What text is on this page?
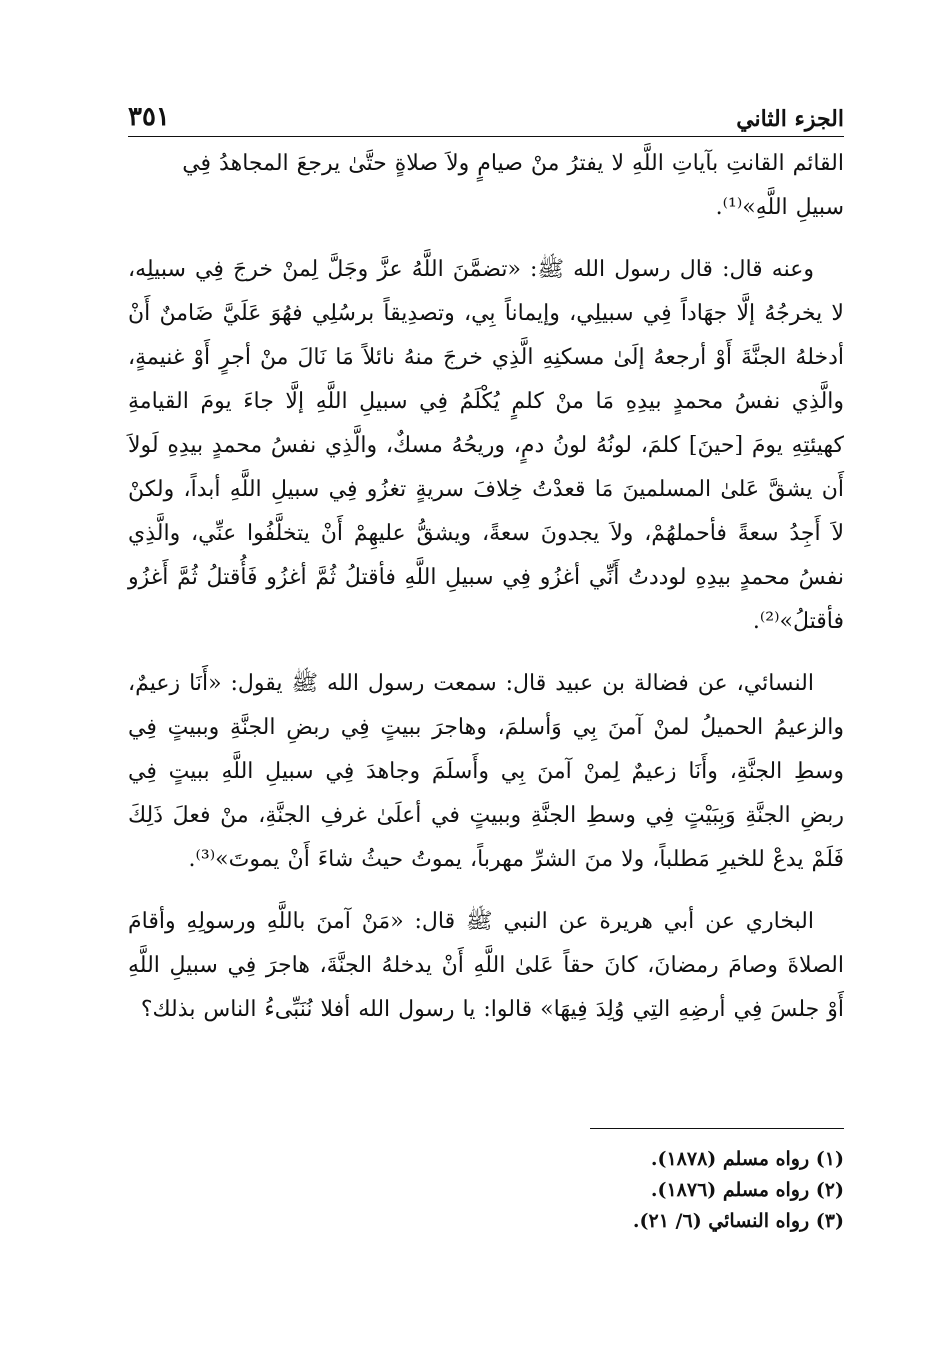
الجزء الثاني
٣٥١

القائم القانتِ بآياتِ اللَّهِ لا يفترُ منْ صيامٍ ولاَ صلاةٍ حتَّىٰ يرجعَ المجاهدُ فِي
سبيلِ اللَّهِ»⁽¹⁾.

وعنه قال: قال رسول الله ﷺ: «تضمَّنَ اللَّهُ عزَّ وجَلَّ لِمنْ خرجَ فِي سبيلِه، لا يخرجُهُ إلَّا جهَاداً فِي سبيلِي، وإيماناً بِي، وتصدِيقاً برسُلِي فهُوَ عَلَيَّ ضَامنٌ أَنْ أدخلهُ الجنَّةَ أَوْ أرجعهُ إلَىٰ مسكنِهِ الَّذِي خرجَ منهُ نائلاً مَا نَالَ منْ أجرٍ أَوْ غنيمةٍ، والَّذِي نفسُ محمدٍ بيدِهِ مَا منْ كلمٍ يُكْلَمُ فِي سبيلِ اللَّهِ إلَّا جاءَ يومَ القيامةِ كهيئتِهِ يومَ [حينَ] كلمَ، لونُهُ لونُ دمٍ، وريحُهُ مسكٌ، والَّذِي نفسُ محمدٍ بيدِهِ لَولاَ أَن يشقَّ عَلىٰ المسلمينَ مَا قعدْتُ خِلافَ سريةٍ تغزُو فِي سبيلِ اللَّهِ أبداً، ولكنْ لاَ أَجِدُ سعةً فأحملهُمْ، ولاَ يجدونَ سعةً، ويشقُّ عليهِمْ أَنْ يتخلَّفُوا عنِّي، والَّذِي نفسُ محمدٍ بيدِهِ لوددتُ أَنِّي أغزُو فِي سبيلِ اللَّهِ فأقتلُ ثُمَّ أغزُو فَأُقتلُ ثُمَّ أَغزُو فأقتلُ»⁽²⁾.

النسائي، عن فضالة بن عبيد قال: سمعت رسول الله ﷺ يقول: «أَنَا زعيمٌ، والزعيمُ الحميلُ لمنْ آمنَ بِي وَأسلمَ، وهاجرَ ببيتٍ فِي ربضِ الجنَّةِ وببيتٍ فِي وسطِ الجنَّةِ، وأَنَا زعيمٌ لِمنْ آمنَ بِي وأَسلَمَ وجاهدَ فِي سبيلِ اللَّهِ ببيتٍ فِي ربضِ الجنَّةِ وَبِبَيْتٍ فِي وسطِ الجنَّةِ وببيتٍ في أعلَىٰ غرفِ الجنَّةِ، منْ فعلَ ذَلِكَ فَلَمْ يدعْ للخيرِ مَطلباً، ولا منَ الشرِّ مهرباً، يموتُ حيثُ شاءَ أَنْ يموتَ»⁽³⁾.

البخاري عن أبي هريرة عن النبي ﷺ قال: «مَنْ آمنَ باللَّهِ ورسولِهِ وأقامَ الصلاةَ وصامَ رمضانَ، كانَ حقاً عَلىٰ اللَّهِ أَنْ يدخلهُ الجنَّةَ، هاجرَ فِي سبيلِ اللَّهِ أَوْ جلسَ فِي أرضِهِ التِي وُلِدَ فِيهَا» قالوا: يا رسول الله أفلا نُنَبِّىءُ الناس بذلك؟

(١) رواه مسلم (١٨٧٨).
(٢) رواه مسلم (١٨٧٦).
(٣) رواه النسائي (٦/ ٢١).
